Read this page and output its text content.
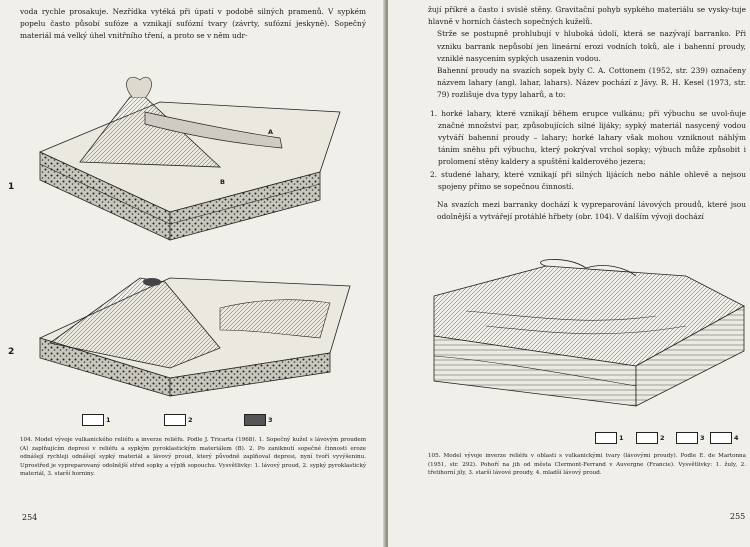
voda rychle prosakuje. Nezřídka vytéká při úpatí v podobě silných pramenů. V sypkém popelu často působí sufóze a vznikají sufózní tvary (závrty, sufózní jeskyně). Sopečný materiál má velký úhel vnitřního tření, a proto se v něm udr-

1
A
B
2
1	2	3
104. Model vývoje vulkanického reliéfu a inverze reliéfu. Podle J. Tricarta (1968). 1. Sopečný kužel s lávovým proudem (A) zaplňujícím depresi v reliéfu a sypkým pyroklastickým materiálem (B). 2. Po zaniknutí sopečné činnosti eroze odnášejí rychleji odnášejí sypký materiál a lávový proud, který původně zaplňoval depresi, nyní tvoří vyvýšeninu. Uprostřed je vypreparovaný odolnější střed sopky a výplň sopouchu. Vysvětlivky: 1. lávový proud, 2. sypký pyroklastický materiál, 3. starší horniny.
254

žují příkré a často i svislé stěny. Gravitační pohyb sypkého materiálu se vysky-tuje hlavně v horních částech sopečných kuželů.

Strže se postupně prohlubují v hluboká údolí, která se nazývají barranko. Při vzniku barrank nepůsobí jen lineární erozi vodních toků, ale i bahenní proudy, vzniklé nasycením sypkých usazenin vodou.

Bahenní proudy na svazích sopek byly C. A. Cottonem (1952, str. 239) označeny názvem lahary (angl. lahar, lahars). Název pochází z Jávy. R. H. Kesel (1973, str. 79) rozlišuje dva typy laharů, a to:

1. horké lahary, které vznikají během erupce vulkánu; při výbuchu se uvol-ňuje značné množství par, způsobujících silné lijáky; sypký materiál nasycený vodou vytváří bahenní proudy – lahary; horké lahary však mohou vzniknout náhlým táním sněhu při výbuchu, který pokrýval vrchol sopky; výbuch může způsobit i prolomení stěny kaldery a spuštění kalderového jezera;

2. studené lahary, které vznikají při silných lijácích nebo náhle ohlevě a nejsou spojeny přímo se sopečnou činností.

Na svazích mezi barranky dochází k vypreparování lávových proudů, které jsou odolnější a vytvářejí protáhlé hřbety (obr. 104). V dalším vývoji dochází

1	2	3	4
105. Model vývoje inverze reliéfu v oblasti s vulkanickými tvary (lávovými proudy). Podle E. de Martonna (1951, str. 292). Pohoří na jih od města Clermont-Ferrand v Auvergne (Francie). Vysvětlivky: 1. žuly, 2. třetihorní jíly, 3. starší lávové proudy, 4. mladší lávový proud.
255
